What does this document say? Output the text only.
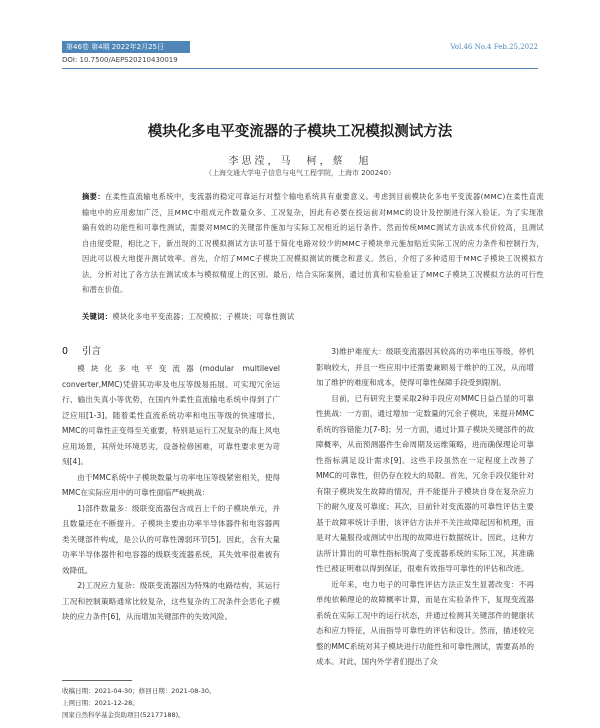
第46卷 第4期 2022年2月25日	Vol.46 No.4 Feb.25,2022
DOI: 10.7500/AEPS20210430019
模块化多电平变流器的子模块工况模拟测试方法
李思滢，马　柯，蔡　旭
（上海交通大学电子信息与电气工程学院，上海市 200240）
摘要：在柔性直流输电系统中，变流器的稳定可靠运行对整个输电系统具有重要意义。考虑到目前模块化多电平变流器(MMC)在柔性直流输电中的应用愈加广泛，且MMC中组成元件数量众多、工况复杂，因此有必要在投运前对MMC的设计及控制进行深入验证。为了实现准确有效的功能性和可靠性测试，需要对MMC的关键部件施加与实际工况相近的运行条件。然而传统MMC测试方法成本代价较高，且测试自由度受限，相比之下，新出现的工况模拟测试方法可基于简化电路对较少的MMC子模块单元施加贴近实际工况的应力条件和控制行为，因此可以极大地提升测试效率。首先，介绍了MMC子模块工况模拟测试的概念和意义。然后，介绍了多种适用于MMC子模块工况模拟方法，分析对比了各方法在测试成本与模拟精度上的区别。最后，结合实际案例，通过仿真和实验验证了MMC子模块工况模拟方法的可行性和潜在价值。
关键词：模块化多电平变流器；工况模拟；子模块；可靠性测试
0 引言

模块化多电平变流器(modular multilevel converter,MMC)凭借其功率及电压等级易拓展、可实现冗余运行、输出失真小等优势，在国内外柔性直流输电系统中得到了广泛应用[1-3]。随着柔性直流系统功率和电压等级的快速增长，MMC的可靠性正变得至关重要，特别是运行工况复杂的海上风电应用场景，其所处环境恶劣，设备检修困难，可靠性要求更为苛刻[4]。

由于MMC系统中子模块数量与功率电压等级紧密相关，使得MMC在实际应用中的可靠性面临严峻挑战：

1)部件数量多：级联变流器包含成百上千的子模块单元，并且数量还在不断提升。子模块主要由功率半导体器件和电容器两类关键部件构成，是公认的可靠性薄弱环节[5]。因此，含有大量功率半导体器件和电容器的级联变流器系统，其失效率很难被有效降低。

2)工况应力复杂：级联变流器因为特殊的电路结构，其运行工况和控制策略通常比较复杂，这些复杂的工况条件会恶化子模块的应力条件[6]，从而增加关键部件的失效风险。

3)维护难度大：级联变流器因其较高的功率电压等级，停机影响较大，并且一些应用中还需要兼顾易于维护的工况，从而增加了维护的难度和成本，使得可靠性保障手段受到限制。

目前，已有研究主要采取2种手段应对MMC日益凸显的可靠性挑战：一方面，通过增加一定数量的冗余子模块，来提升MMC系统的容错能力[7-8]；另一方面，通过计算子模块关键部件的故障概率，从而预测器件生命周期及运维策略，进而确保理论可靠性指标满足设计需求[9]。这些手段虽然在一定程度上改善了MMC的可靠性，但仍存在较大的局限。首先，冗余手段仅能针对有限子模块发生故障的情况，并不能提升子模块自身在复杂应力下的耐久度及可靠度；其次，目前针对变流器的可靠性评估主要基于故障率统计手册，该评估方法并不关注故障起因和机理，而是对大量服役或测试中出现的故障进行数据统计。因此，这种方法所计算出的可靠性指标脱离了变流器系统的实际工况，其准确性已被证明难以得到保证，很难有效指导可靠性的评估和改进。

近年来，电力电子的可靠性评估方法正发生显著改变：不再单纯依赖理论的故障概率计算，而是在实验条件下，复现变流器系统在实际工况中的运行状态，并通过检测其关键部件的健康状态和应力特征，从而指导可靠性的评估和设计。然而，描述较完整的MMC系统对其子模块进行功能性和可靠性测试，需要高昂的成本。对此，国内外学者们提出了众

收稿日期：2021-04-30；修回日期：2021-08-30。
上网日期：2021-12-28。
国家自然科学基金资助项目(52177188)。
